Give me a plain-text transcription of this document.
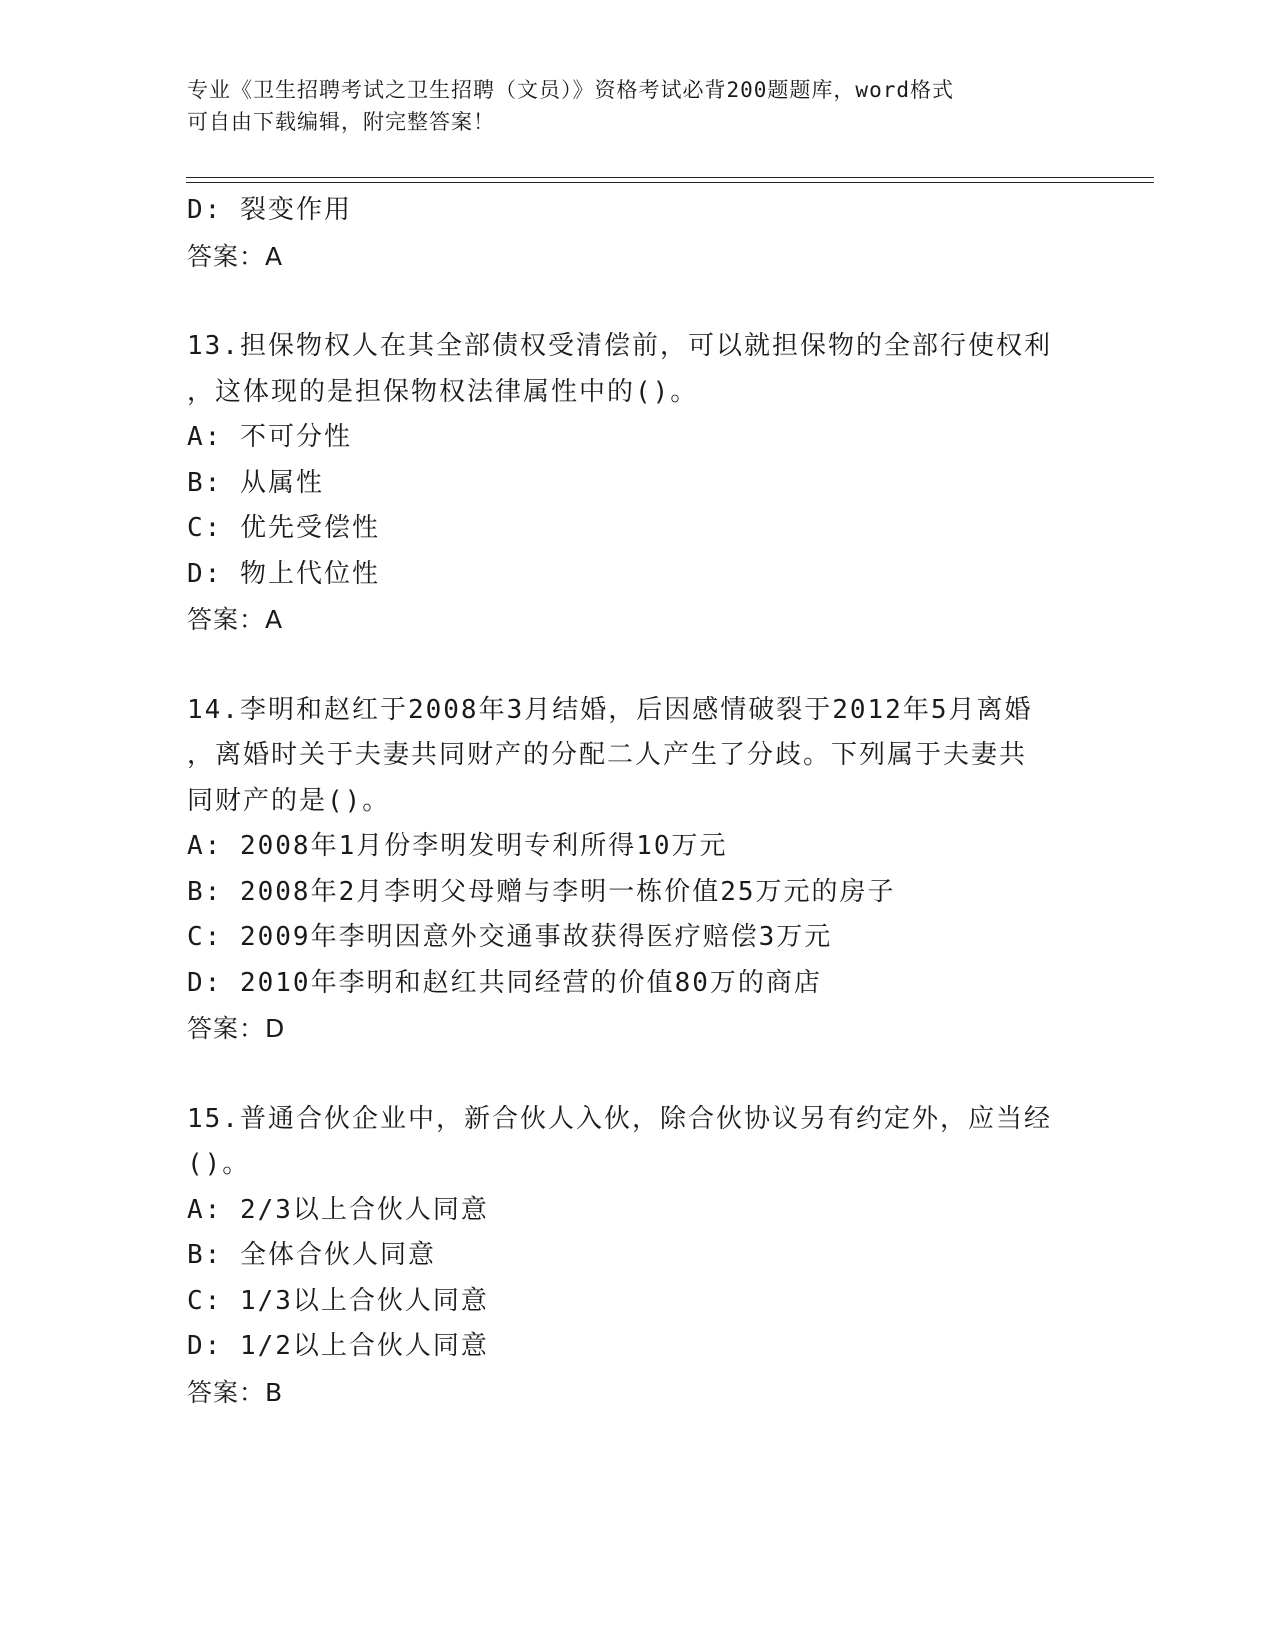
专业《卫生招聘考试之卫生招聘（文员）》资格考试必背200题题库，word格式
可自由下载编辑，附完整答案！
D: 裂变作用
答案：A
13.担保物权人在其全部债权受清偿前，可以就担保物的全部行使权利
，这体现的是担保物权法律属性中的()。
A: 不可分性
B: 从属性
C: 优先受偿性
D: 物上代位性
答案：A
14.李明和赵红于2008年3月结婚，后因感情破裂于2012年5月离婚
，离婚时关于夫妻共同财产的分配二人产生了分歧。下列属于夫妻共
同财产的是()。
A: 2008年1月份李明发明专利所得10万元
B: 2008年2月李明父母赠与李明一栋价值25万元的房子
C: 2009年李明因意外交通事故获得医疗赔偿3万元
D: 2010年李明和赵红共同经营的价值80万的商店
答案：D
15.普通合伙企业中，新合伙人入伙，除合伙协议另有约定外，应当经
()。
A: 2/3以上合伙人同意
B: 全体合伙人同意
C: 1/3以上合伙人同意
D: 1/2以上合伙人同意
答案：B
